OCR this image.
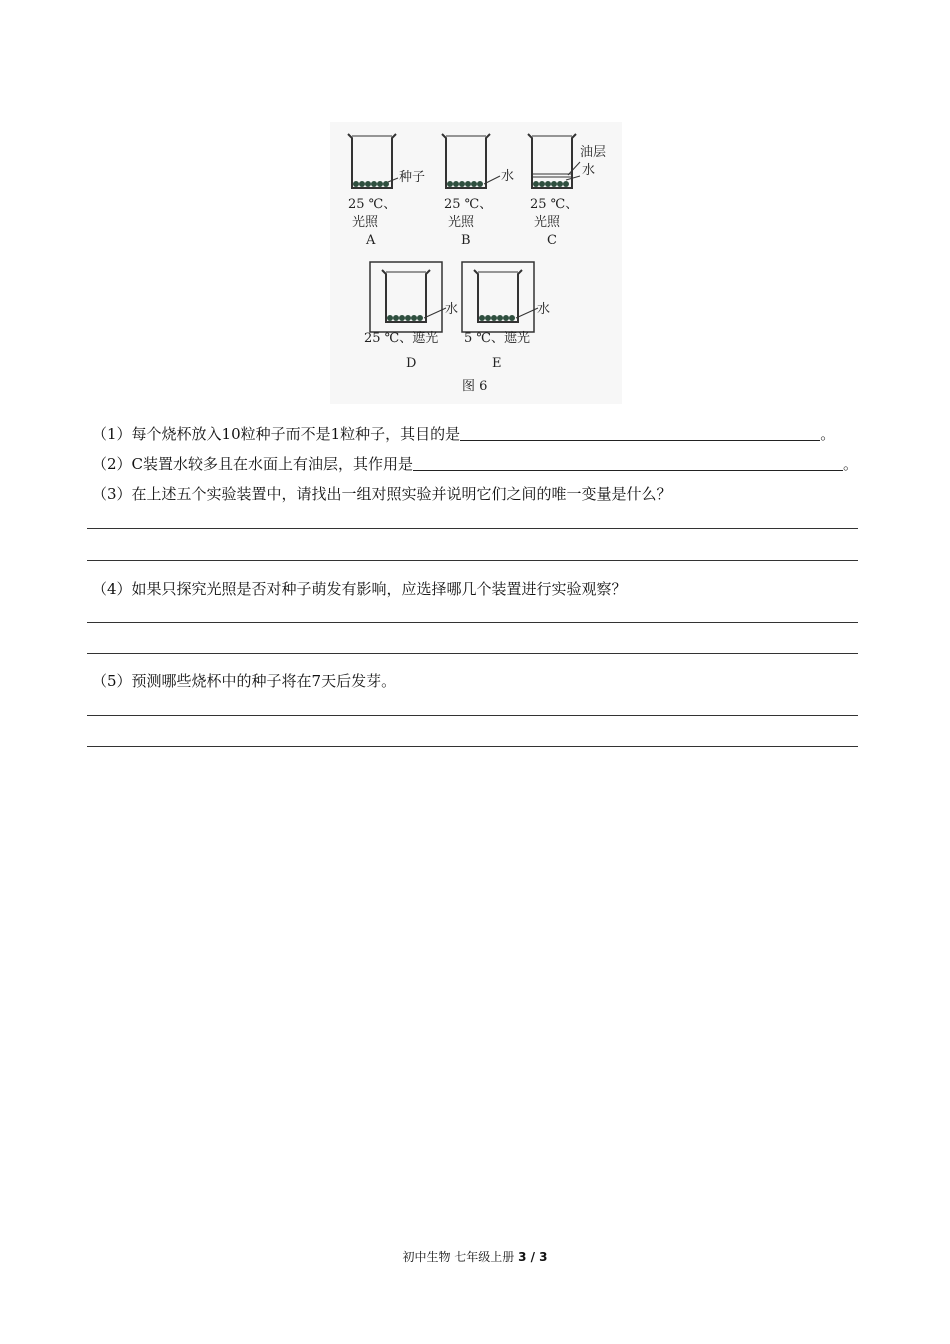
种子
25 ℃、
光照
A
水
25 ℃、
光照
B
油层
水
25 ℃、
光照
C
水
25 ℃、遮光
D
水
5 ℃、遮光
E
图 6
（1）每个烧杯放入10粒种子而不是1粒种子，其目的是	。
（2）C装置水较多且在水面上有油层，其作用是	。
（3）在上述五个实验装置中，请找出一组对照实验并说明它们之间的唯一变量是什么？
（4）如果只探究光照是否对种子萌发有影响，应选择哪几个装置进行实验观察？
（5）预测哪些烧杯中的种子将在7天后发芽。
初中生物 七年级上册 3 / 3
